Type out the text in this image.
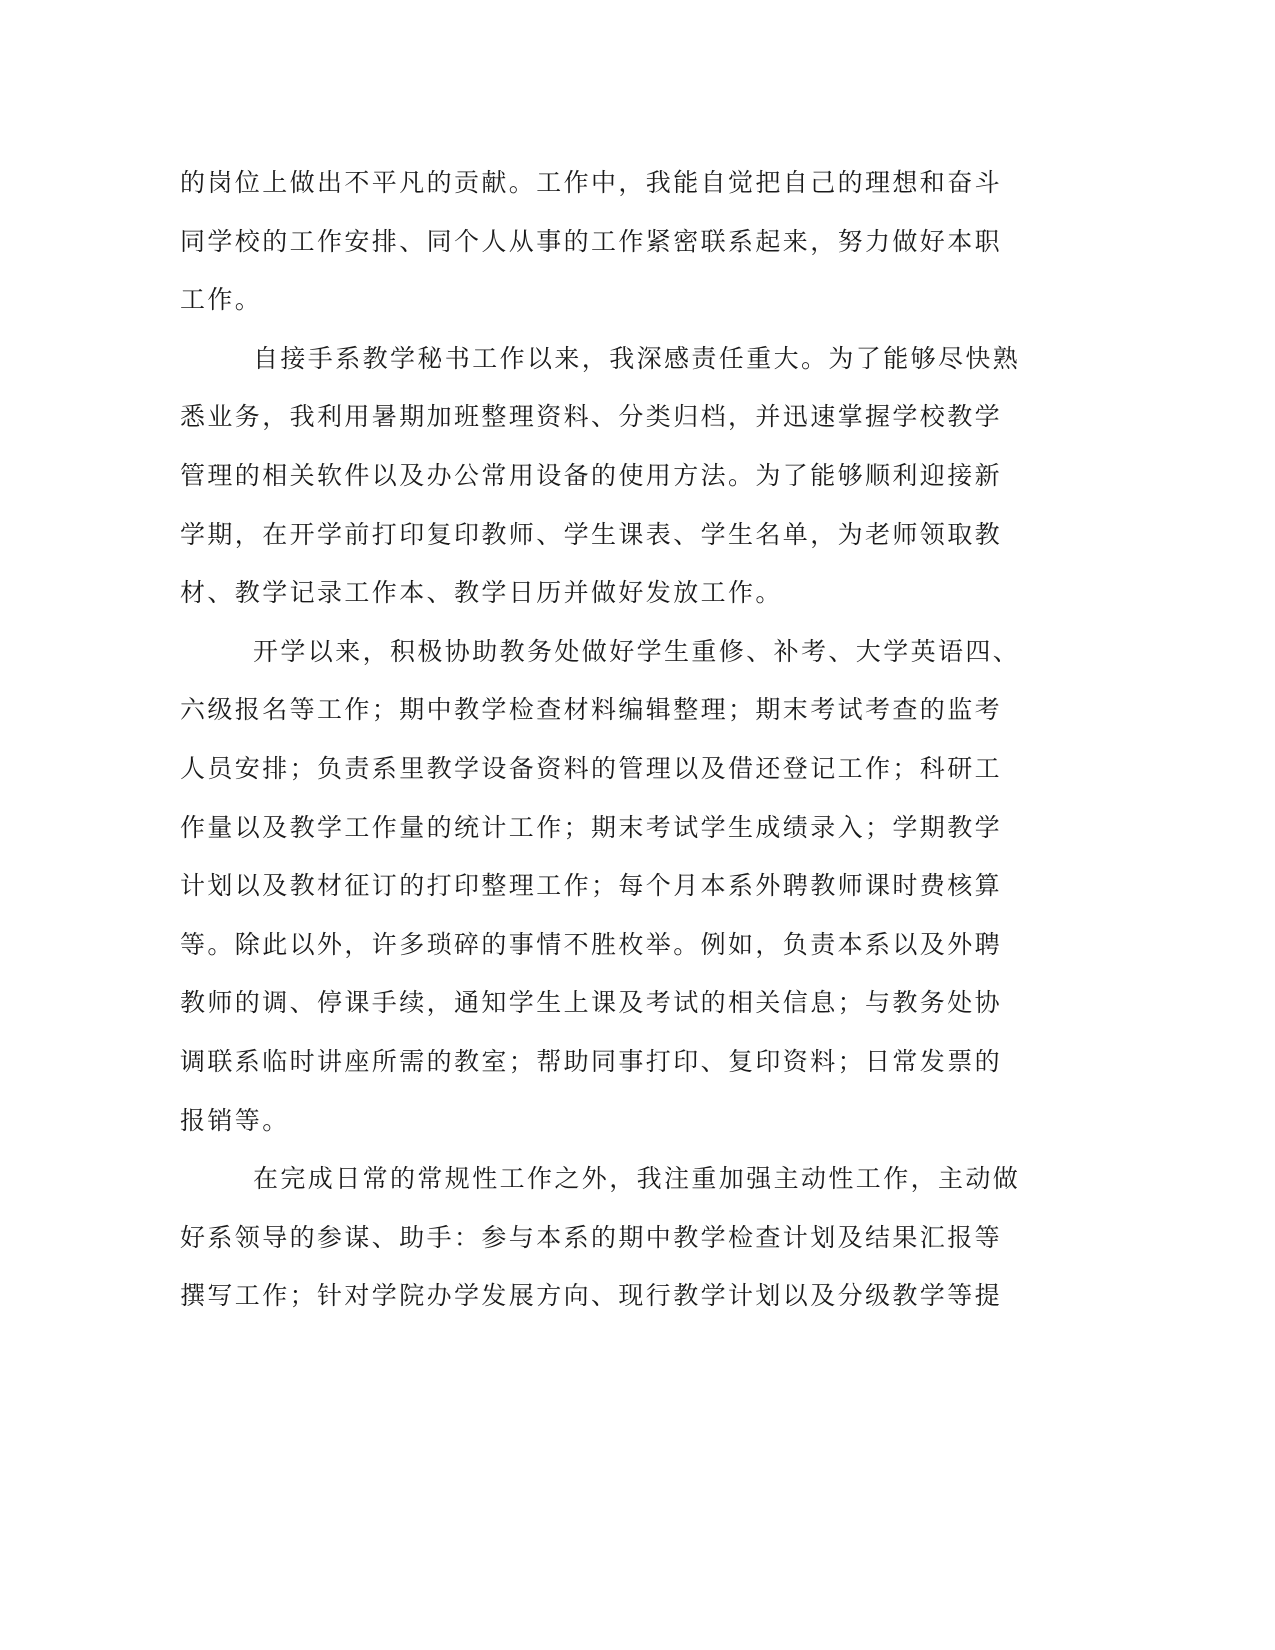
的岗位上做出不平凡的贡献。工作中，我能自觉把自己的理想和奋斗
同学校的工作安排、同个人从事的工作紧密联系起来，努力做好本职
工作。
自接手系教学秘书工作以来，我深感责任重大。为了能够尽快熟
悉业务，我利用暑期加班整理资料、分类归档，并迅速掌握学校教学
管理的相关软件以及办公常用设备的使用方法。为了能够顺利迎接新
学期，在开学前打印复印教师、学生课表、学生名单，为老师领取教
材、教学记录工作本、教学日历并做好发放工作。
开学以来，积极协助教务处做好学生重修、补考、大学英语四、
六级报名等工作；期中教学检查材料编辑整理；期末考试考查的监考
人员安排；负责系里教学设备资料的管理以及借还登记工作；科研工
作量以及教学工作量的统计工作；期末考试学生成绩录入；学期教学
计划以及教材征订的打印整理工作；每个月本系外聘教师课时费核算
等。除此以外，许多琐碎的事情不胜枚举。例如，负责本系以及外聘
教师的调、停课手续，通知学生上课及考试的相关信息；与教务处协
调联系临时讲座所需的教室；帮助同事打印、复印资料；日常发票的
报销等。
在完成日常的常规性工作之外，我注重加强主动性工作，主动做
好系领导的参谋、助手：参与本系的期中教学检查计划及结果汇报等
撰写工作；针对学院办学发展方向、现行教学计划以及分级教学等提
